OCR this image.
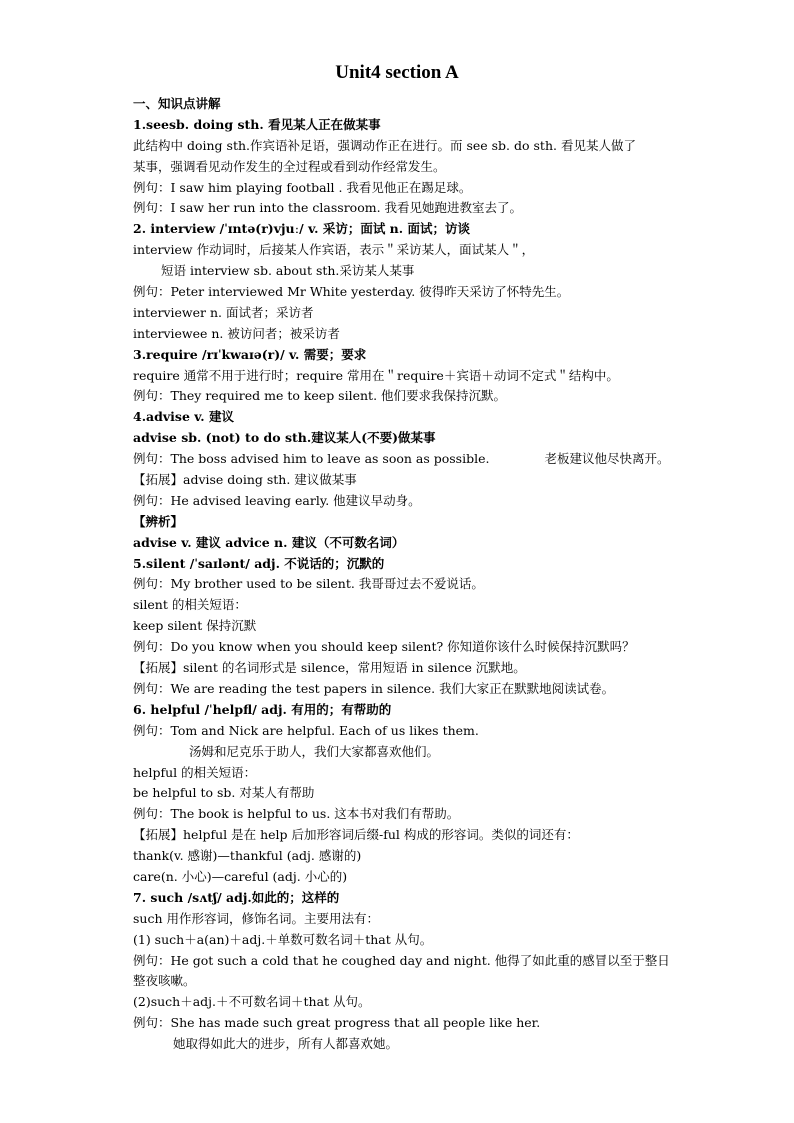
Unit4 section A
一、知识点讲解
1.seesb. doing sth. 看见某人正在做某事
此结构中 doing sth.作宾语补足语，强调动作正在进行。而 see sb. do sth. 看见某人做了
某事，强调看见动作发生的全过程或看到动作经常发生。
例句：I saw him playing football . 我看见他正在踢足球。
例句：I saw her run into the classroom. 我看见她跑进教室去了。
2. interview /ˈɪntə(r)vjuː/ v. 采访；面试 n. 面试；访谈
interview 作动词时，后接某人作宾语，表示＂采访某人，面试某人＂，
短语 interview sb. about sth.采访某人某事
例句：Peter interviewed Mr White yesterday. 彼得昨天采访了怀特先生。
interviewer n. 面试者；采访者
interviewee n. 被访问者；被采访者
3.require /rɪˈkwaɪə(r)/ v. 需要；要求
require 通常不用于进行时；require 常用在＂require＋宾语＋动词不定式＂结构中。
例句：They required me to keep silent. 他们要求我保持沉默。
4.advise v. 建议
advise sb. (not) to do sth.建议某人(不要)做某事
例句：The boss advised him to leave as soon as possible.	老板建议他尽快离开。
【拓展】advise doing sth. 建议做某事
例句：He advised leaving early. 他建议早动身。
【辨析】
advise v. 建议 advice n. 建议（不可数名词）
5.silent /ˈsaɪlənt/ adj. 不说话的；沉默的
例句：My brother used to be silent. 我哥哥过去不爱说话。
silent 的相关短语：
keep silent 保持沉默
例句：Do you know when you should keep silent? 你知道你该什么时候保持沉默吗？
【拓展】silent 的名词形式是 silence，常用短语 in silence 沉默地。
例句：We are reading the test papers in silence. 我们大家正在默默地阅读试卷。
6. helpful /ˈhelpfl/ adj. 有用的；有帮助的
例句：Tom and Nick are helpful. Each of us likes them.
汤姆和尼克乐于助人，我们大家都喜欢他们。
helpful 的相关短语：
be helpful to sb. 对某人有帮助
例句：The book is helpful to us. 这本书对我们有帮助。
【拓展】helpful 是在 help 后加形容词后缀-ful 构成的形容词。类似的词还有：
thank(v. 感谢)—thankful (adj. 感谢的)
care(n. 小心)—careful (adj. 小心的)
7. such /sʌtʃ/ adj.如此的；这样的
such 用作形容词，修饰名词。主要用法有：
(1) such＋a(an)＋adj.＋单数可数名词＋that 从句。
例句：He got such a cold that he coughed day and night. 他得了如此重的感冒以至于整日
整夜咳嗽。
(2)such＋adj.＋不可数名词＋that 从句。
例句：She has made such great progress that all people like her.
她取得如此大的进步，所有人都喜欢她。
